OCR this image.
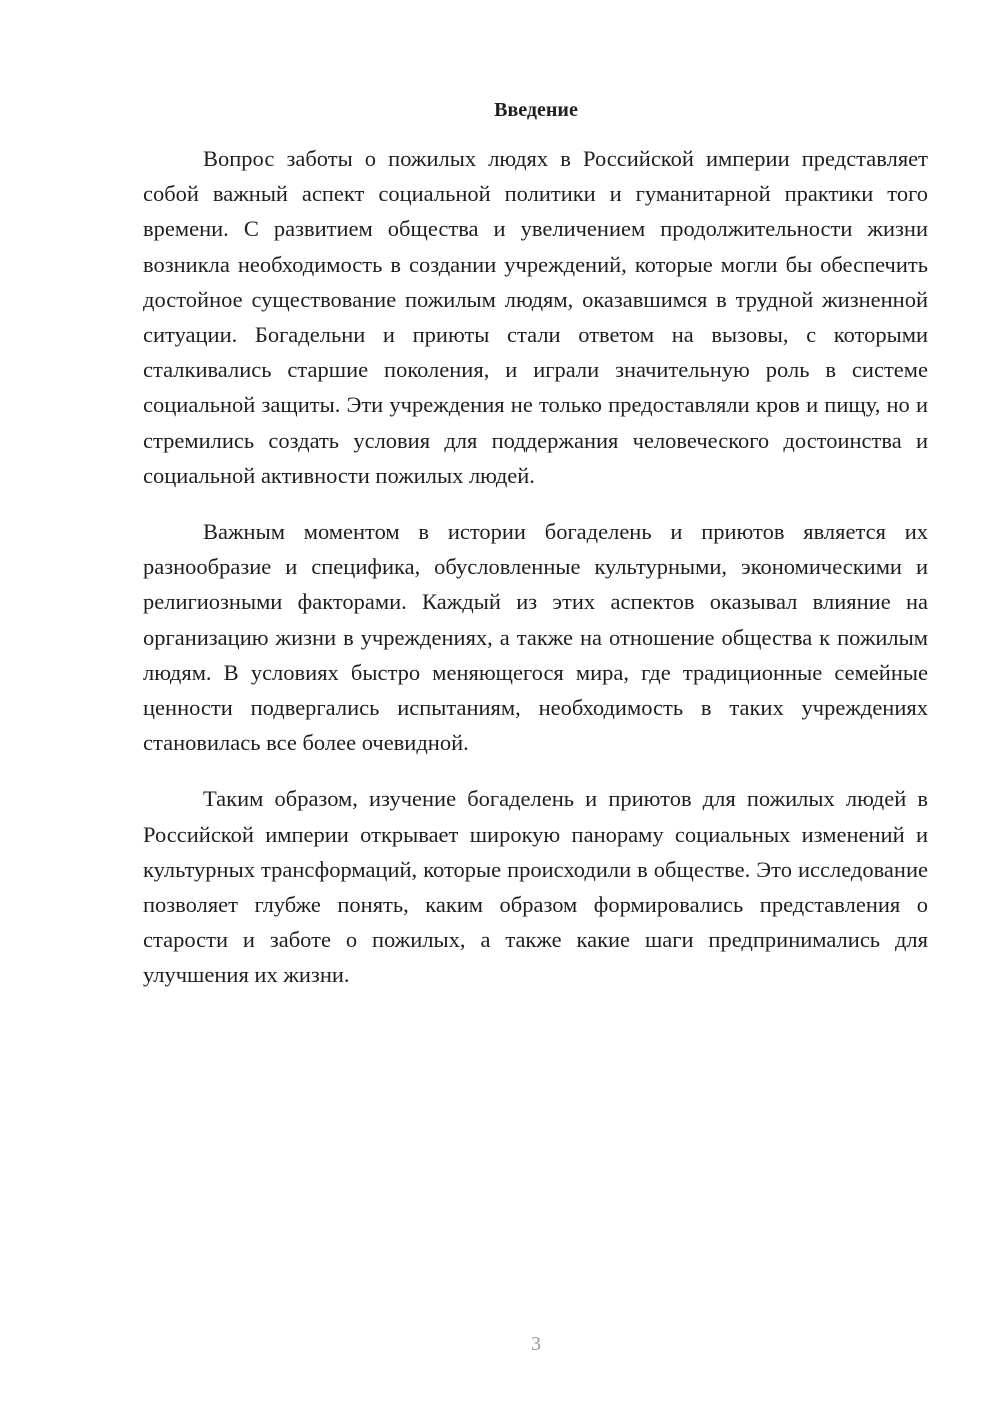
Введение

Вопрос заботы о пожилых людях в Российской империи представляет собой важный аспект социальной политики и гуманитарной практики того времени. С развитием общества и увеличением продолжительности жизни возникла необходимость в создании учреждений, которые могли бы обеспечить достойное существование пожилым людям, оказавшимся в трудной жизненной ситуации. Богадельни и приюты стали ответом на вызовы, с которыми сталкивались старшие поколения, и играли значительную роль в системе социальной защиты. Эти учреждения не только предоставляли кров и пищу, но и стремились создать условия для поддержания человеческого достоинства и социальной активности пожилых людей.

Важным моментом в истории богаделень и приютов является их разнообразие и специфика, обусловленные культурными, экономическими и религиозными факторами. Каждый из этих аспектов оказывал влияние на организацию жизни в учреждениях, а также на отношение общества к пожилым людям. В условиях быстро меняющегося мира, где традиционные семейные ценности подвергались испытаниям, необходимость в таких учреждениях становилась все более очевидной.

Таким образом, изучение богаделень и приютов для пожилых людей в Российской империи открывает широкую панораму социальных изменений и культурных трансформаций, которые происходили в обществе. Это исследование позволяет глубже понять, каким образом формировались представления о старости и заботе о пожилых, а также какие шаги предпринимались для улучшения их жизни.

3
